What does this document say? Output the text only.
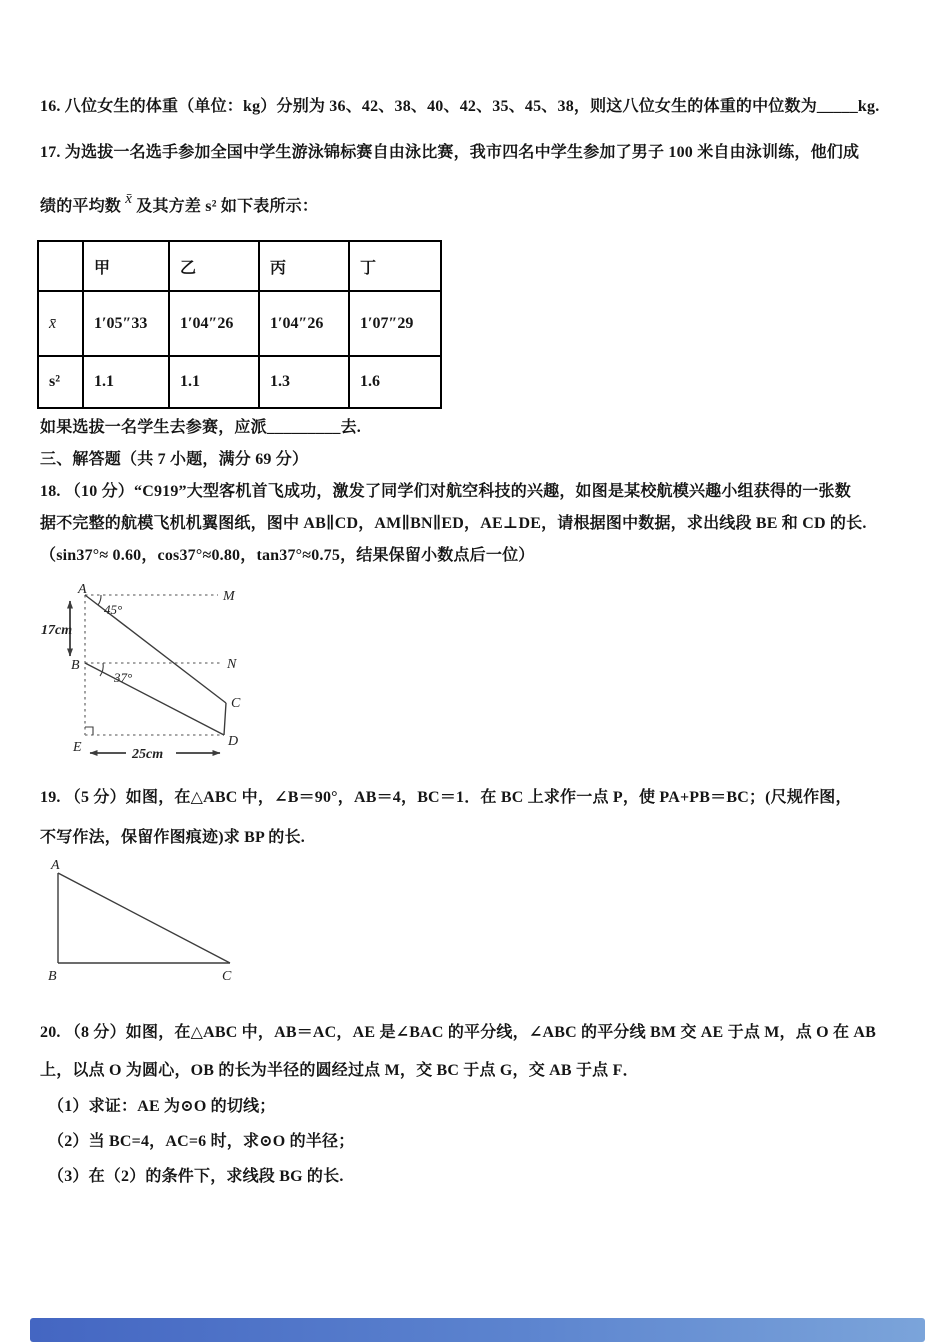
16. 八位女生的体重（单位：kg）分别为 36、42、38、40、42、35、45、38，则这八位女生的体重的中位数为_____kg.
17. 为选拔一名选手参加全国中学生游泳锦标赛自由泳比赛，我市四名中学生参加了男子 100 米自由泳训练，他们成
绩的平均数 x̄ 及其方差 s² 如下表所示：
	甲	乙	丙	丁
x̄	1′05″33	1′04″26	1′04″26	1′07″29
s²	1.1	1.1	1.3	1.6
如果选拔一名学生去参赛，应派_________去.
三、解答题（共 7 小题，满分 69 分）
18. （10 分）“C919”大型客机首飞成功，激发了同学们对航空科技的兴趣，如图是某校航模兴趣小组获得的一张数
据不完整的航模飞机机翼图纸，图中 AB∥CD，AM∥BN∥ED，AE⊥DE，请根据图中数据，求出线段 BE 和 CD 的长.
（sin37°≈ 0.60，cos37°≈0.80，tan37°≈0.75，结果保留小数点后一位）
A	M
B	N
C
D
E
45°
37°
17cm
25cm
19. （5 分）如图，在△ABC 中，∠B＝90°，AB＝4，BC＝1．在 BC 上求作一点 P，使 PA+PB＝BC；(尺规作图，
不写作法，保留作图痕迹)求 BP 的长.
A
B	C
20. （8 分）如图，在△ABC 中，AB＝AC，AE 是∠BAC 的平分线，∠ABC 的平分线 BM 交 AE 于点 M，点 O 在 AB
上，以点 O 为圆心，OB 的长为半径的圆经过点 M，交 BC 于点 G，交 AB 于点 F．
（1）求证：AE 为⊙O 的切线；
（2）当 BC=4，AC=6 时，求⊙O 的半径；
（3）在（2）的条件下，求线段 BG 的长.
